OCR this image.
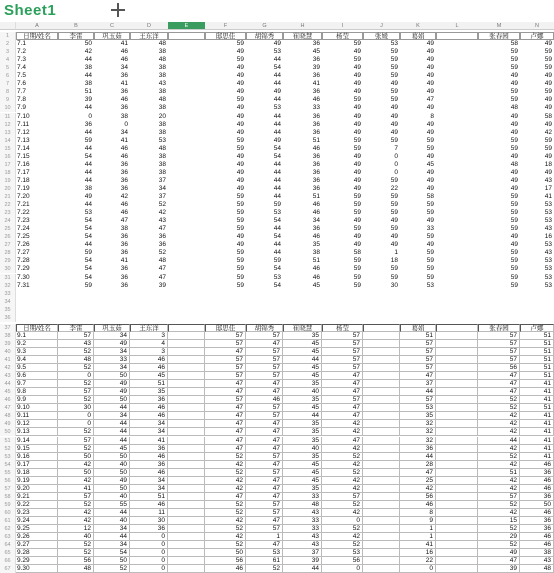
Sheet1
A	B	C	D	E	F	G	H	I	J	K	L	M	N
1	日期/姓名	李雷	巩玉茹	王东洋	邸思佳	胡锦秀	崔晓慧	杨莹	张媛	葛娟	张春园	卢娜
2	7.1	50	41	48	59	49	36	59	53	49	58	49
3	7.2	42	46	38	49	53	45	49	59	49	59	59
4	7.3	44	46	48	59	44	36	59	59	49	59	59
5	7.4	38	34	38	49	54	39	49	59	49	59	59
6	7.5	44	36	38	49	44	36	49	59	49	49	49
7	7.6	38	41	43	49	44	41	49	49	49	49	49
8	7.7	51	36	38	49	49	36	49	59	49	59	59
9	7.8	39	46	48	59	44	46	59	59	47	59	49
10 7.9	44	36	38	49	53	33	49	49	49	48	49
11	7.10	0	38	20	49	44	36	49	49	8	49	58
12 7.11	36	0	38	49	44	36	49	49	49	49	49
13 7.12	44	34	38	49	44	36	49	49	49	49	42
14 7.13	59	41	53	59	49	51	59	59	59	59	59
15 7.14	44	46	48	59	54	46	59	7	59	59	59
16 7.15	54	46	38	49	54	36	49	0	49	49	49
17 7.16	44	36	38	49	44	36	49	0	45	48	18
18 7.17	44	36	38	49	44	36	49	0	49	49	49
19 7.18	44	36	37	49	44	36	49	59	49	49	43
20 7.19	38	36	34	49	44	36	49	22	49	49	17
21 7.20	49	42	37	59	44	51	59	59	58	59	41
22 7.21	44	46	52	59	59	46	59	59	59	59	53
23 7.22	53	46	42	59	53	46	59	59	59	59	53
24 7.23	54	47	43	59	54	34	49	49	49	59	53
25 7.24	54	38	47	59	44	36	59	59	33	59	43
26 7.25	54	36	36	49	54	46	49	49	59	49	16
27 7.26	44	36	36	49	44	35	49	49	49	49	53
28 7.27	59	36	52	59	44	38	58	1	59	59	43
29 7.28	54	41	48	59	59	51	59	18	59	59	53
30 7.29	54	36	47	59	54	46	59	59	59	59	53
31 7.30	54	36	47	59	53	46	59	59	59	59	53
32 7.31	59	36	39	59	54	45	59	30	53	59	53
33
34
35
36
37	日期/姓名	李雷	巩玉茹	王东洋	邸思佳	胡锦秀	崔晓慧	杨莹	葛娟	张春园	卢娜
38 9.1	57	34	3	57	57	35	57	51	57	51
39 9.2	43	49	4	57	47	45	57	57	57	51
40 9.3	52	34	3	47	57	45	57	57	57	51
41 9.4	48	33	46	57	57	44	57	57	57	51
42 9.5	52	34	46	57	57	45	57	57	56	51
43 9.6	0	50	45	57	57	45	47	47	47	51
44 9.7	52	49	51	47	47	35	47	37	47	41
45 9.8	57	49	35	47	47	40	47	44	47	41
46 9.9	52	50	36	57	46	35	57	57	52	41
47 9.10	30	44	46	47	57	45	47	53	52	51
48 9.11	0	34	46	47	57	44	47	35	42	41
49 9.12	0	44	34	47	47	35	42	32	42	41
50 9.13	52	44	34	47	47	35	42	32	42	41
51 9.14	57	44	41	47	47	35	47	32	44	41
52 9.15	52	45	36	47	47	40	42	36	42	41
53 9.16	50	50	46	52	57	35	52	44	52	41
54 9.17	42	40	36	42	47	45	42	28	42	46
55 9.18	50	50	46	52	57	45	52	47	51	36
56 9.19	42	49	34	42	47	45	42	25	42	46
57 9.20	41	50	34	42	47	35	42	42	42	46
58 9.21	57	40	51	47	47	33	57	56	57	36
59 9.22	52	55	46	52	57	48	52	46	52	50
60 9.23	42	44	11	52	57	43	42	8	42	46
61 9.24	42	40	30	42	47	33	0	9	15	36
62 9.25	12	34	36	52	57	33	52	1	52	36
63 9.26	40	44	0	42	1	43	42	1	29	46
64 9.27	52	34	0	52	47	43	52	41	52	46
65 9.28	52	54	0	50	53	37	53	16	49	38
66 9.29	56	50	0	56	61	39	56	22	47	43
67 9.30	48	52	0	46	52	44	0	0	39	48
